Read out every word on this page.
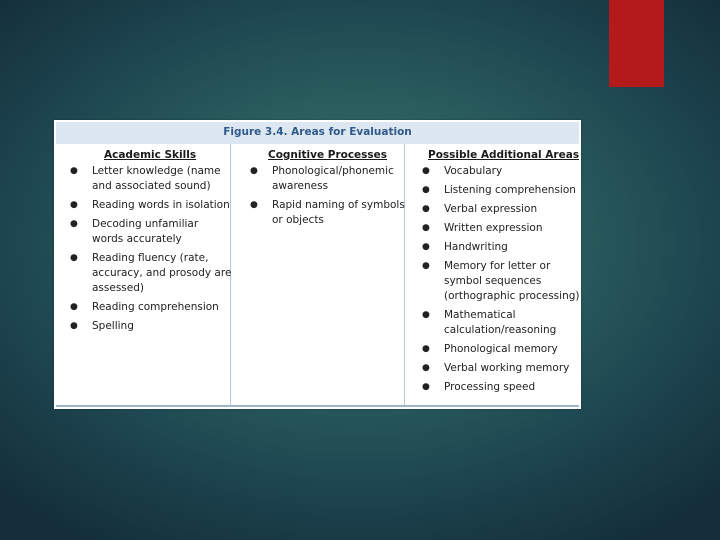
Figure 3.4. Areas for Evaluation
Academic Skills	Cognitive Processes	Possible Additional Areas
● Letter knowledge (name
and associated sound)
● Reading words in isolation
● Decoding unfamiliar
words accurately
● Reading fluency (rate,
accuracy, and prosody are
assessed)
● Reading comprehension
● Spelling
● Phonological/phonemic
awareness
● Rapid naming of symbols
or objects
● Vocabulary
● Listening comprehension
● Verbal expression
● Written expression
● Handwriting
● Memory for letter or
symbol sequences
(orthographic processing)
● Mathematical
calculation/reasoning
● Phonological memory
● Verbal working memory
● Processing speed
